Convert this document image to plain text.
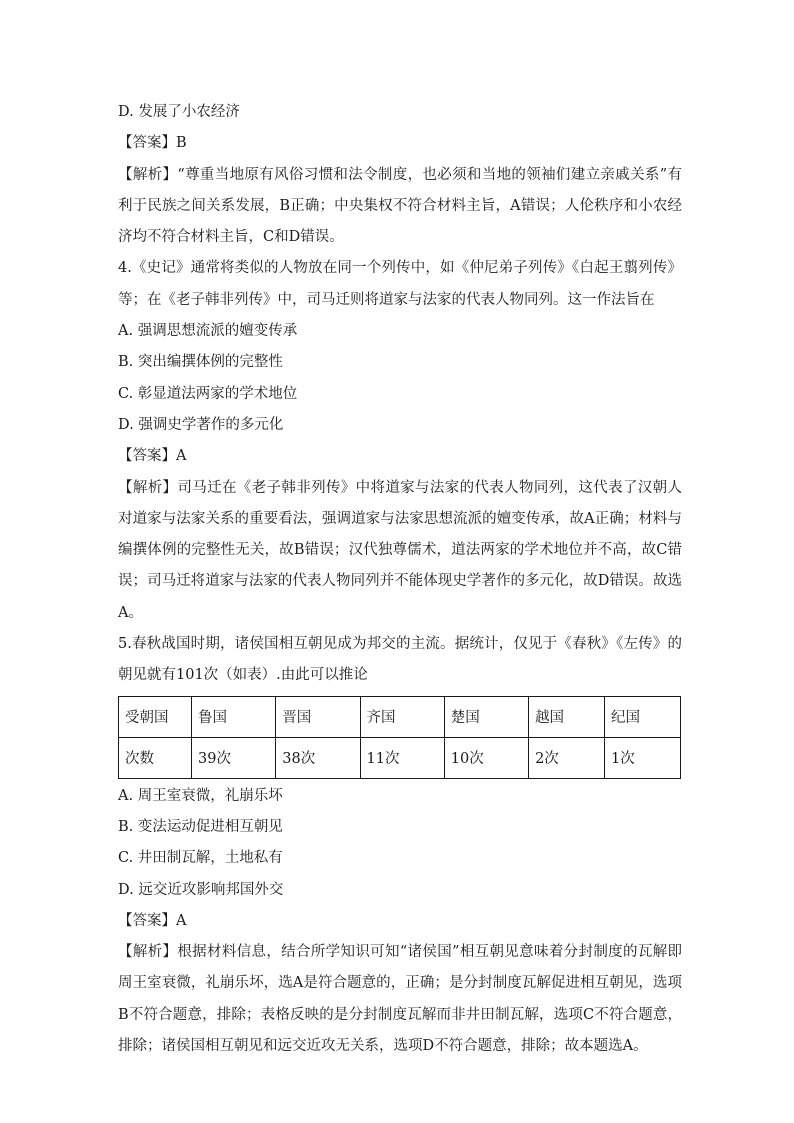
D. 发展了小农经济
【答案】B
【解析】“尊重当地原有风俗习惯和法令制度，也必须和当地的领袖们建立亲戚关系”有利于民族之间关系发展，B正确；中央集权不符合材料主旨，A错误；人伦秩序和小农经济均不符合材料主旨，C和D错误。
4.《史记》通常将类似的人物放在同一个列传中，如《仲尼弟子列传》《白起王翦列传》等；在《老子韩非列传》中，司马迁则将道家与法家的代表人物同列。这一作法旨在
A. 强调思想流派的嬗变传承
B. 突出编撰体例的完整性
C. 彰显道法两家的学术地位
D. 强调史学著作的多元化
【答案】A
【解析】司马迁在《老子韩非列传》中将道家与法家的代表人物同列，这代表了汉朝人对道家与法家关系的重要看法，强调道家与法家思想流派的嬗变传承，故A正确；材料与编撰体例的完整性无关，故B错误；汉代独尊儒术，道法两家的学术地位并不高，故C错误；司马迁将道家与法家的代表人物同列并不能体现史学著作的多元化，故D错误。故选A。
5.春秋战国时期，诸侯国相互朝见成为邦交的主流。据统计，仅见于《春秋》《左传》的朝见就有101次（如表）.由此可以推论
受朝国	鲁国	晋国	齐国	楚国	越国	纪国
次数	39次	38次	11次	10次	2次	1次
A. 周王室衰微，礼崩乐坏
B. 变法运动促进相互朝见
C. 井田制瓦解，土地私有
D. 远交近攻影响邦国外交
【答案】A
【解析】根据材料信息，结合所学知识可知“诸侯国”相互朝见意味着分封制度的瓦解即周王室衰微，礼崩乐坏，选A是符合题意的，正确；是分封制度瓦解促进相互朝见，选项B不符合题意，排除；表格反映的是分封制度瓦解而非井田制瓦解，选项C不符合题意，排除；诸侯国相互朝见和远交近攻无关系，选项D不符合题意，排除；故本题选A。
